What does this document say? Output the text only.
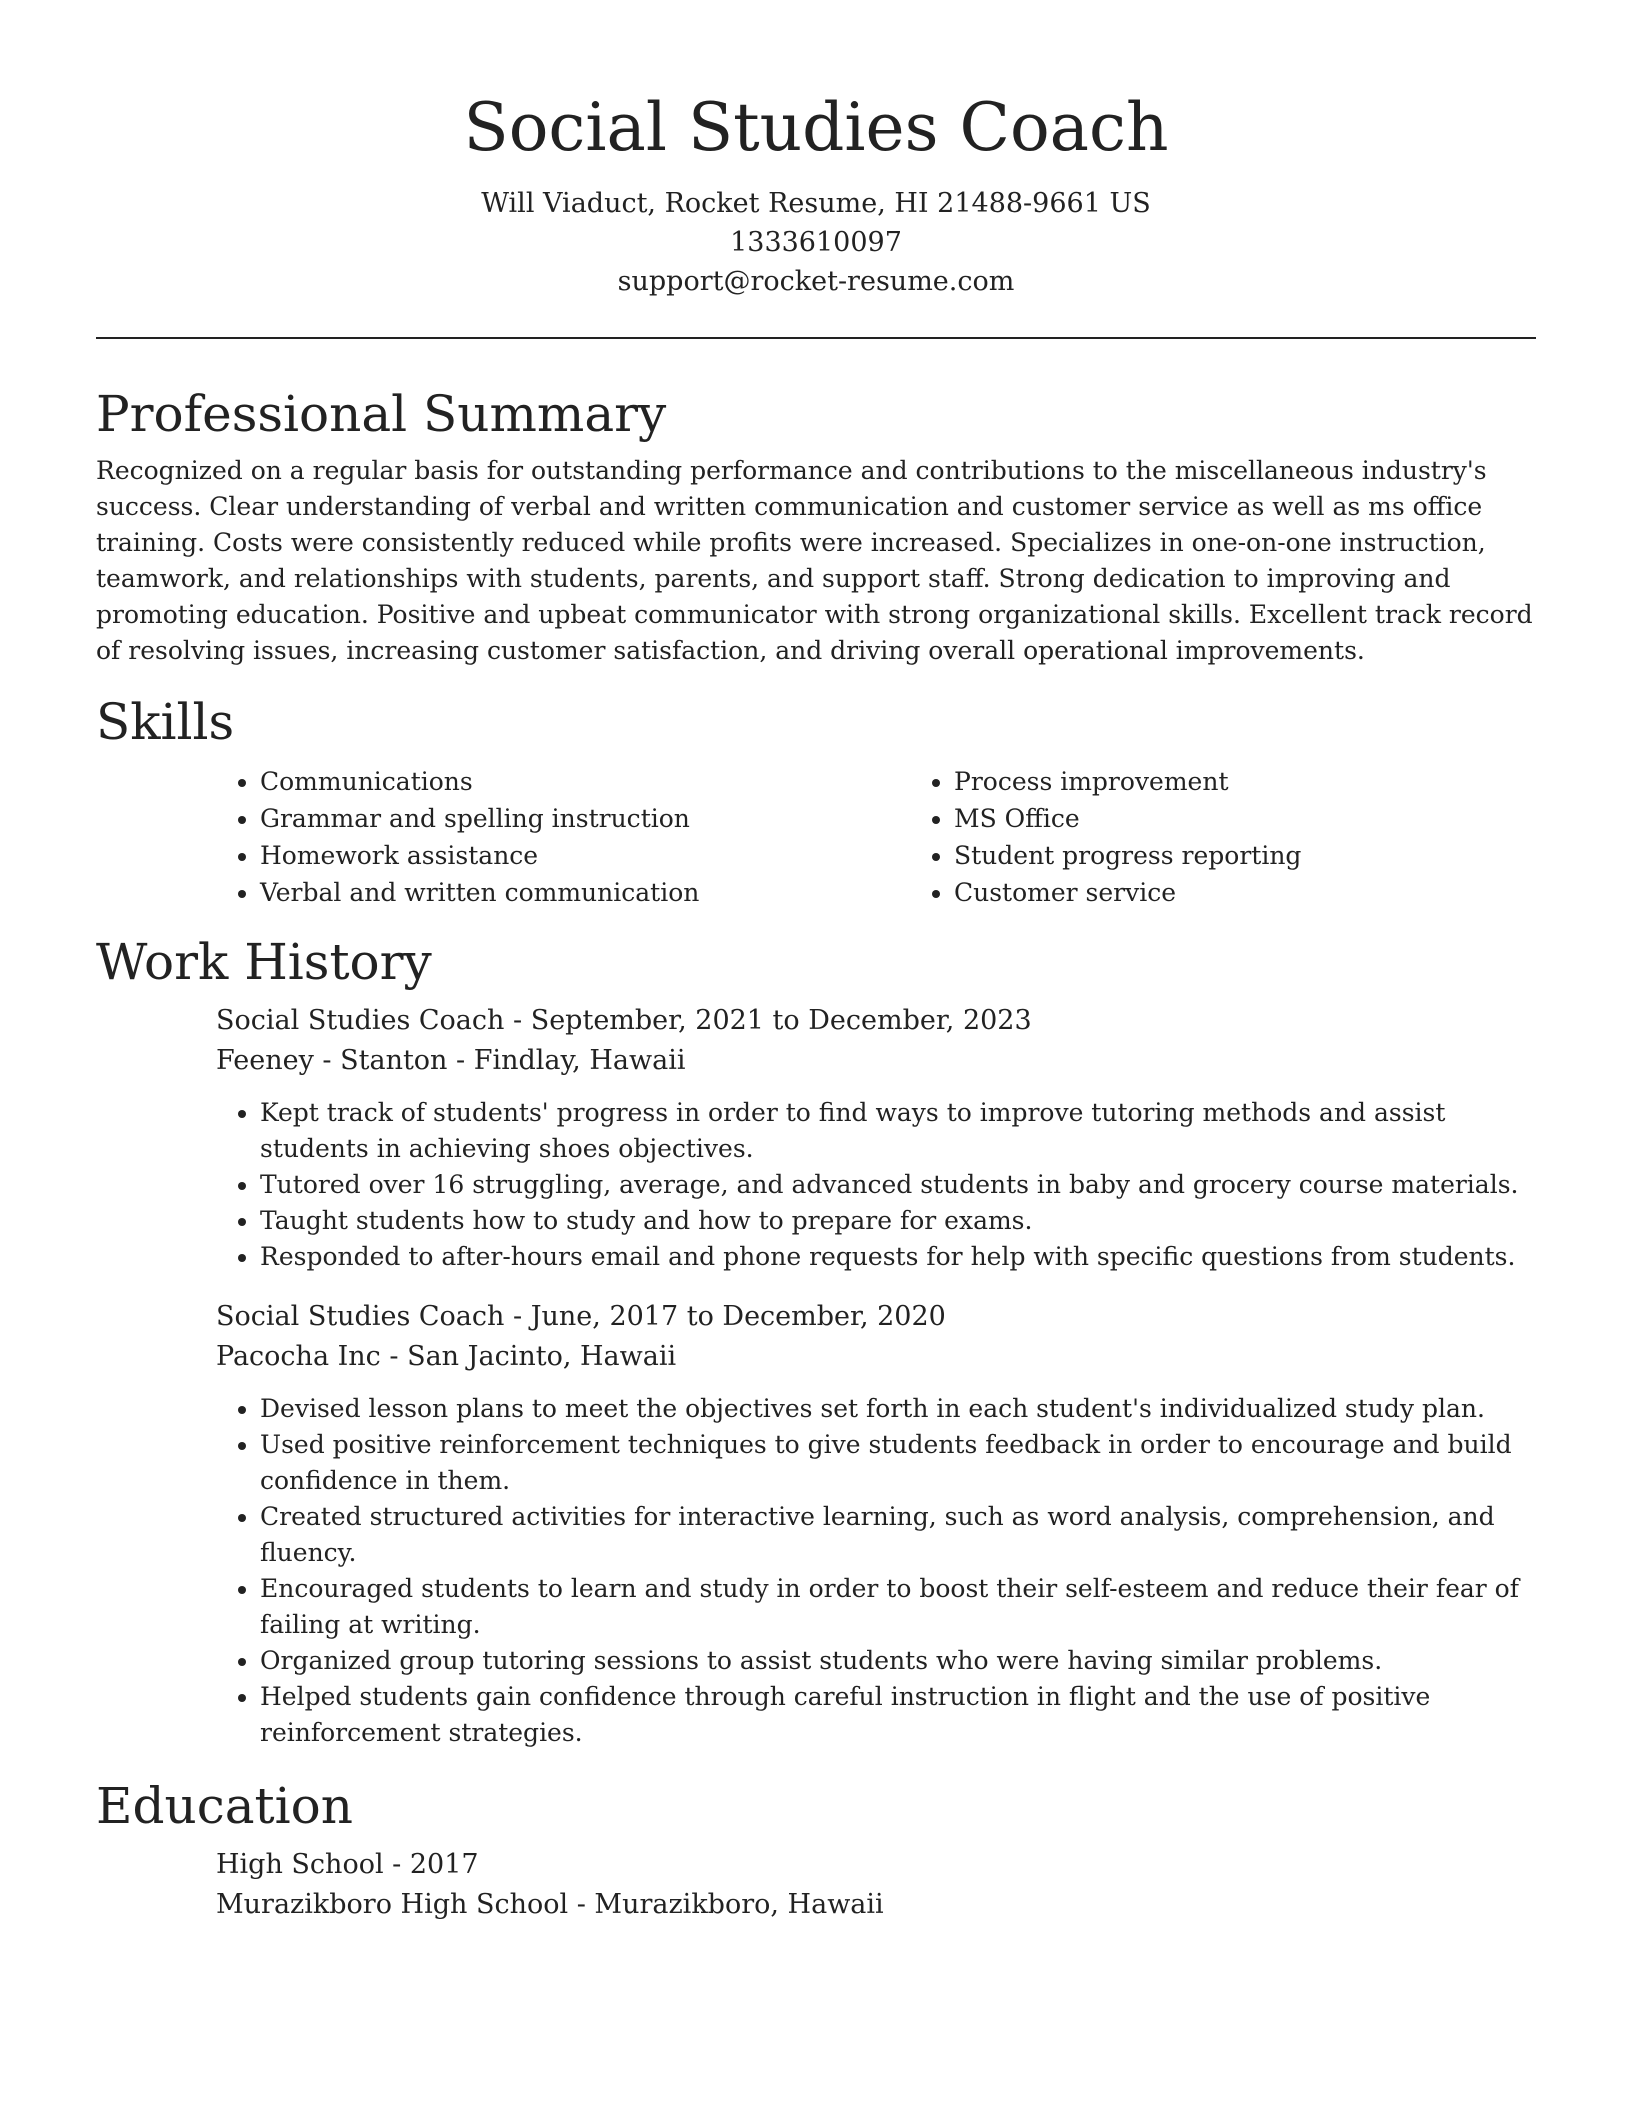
Social Studies Coach

Will Viaduct, Rocket Resume, HI 21488-9661 US

1333610097

support@rocket-resume.com

Professional Summary

Recognized on a regular basis for outstanding performance and contributions to the miscellaneous industry's success. Clear understanding of verbal and written communication and customer service as well as ms office training. Costs were consistently reduced while profits were increased. Specializes in one-on-one instruction, teamwork, and relationships with students, parents, and support staff. Strong dedication to improving and promoting education. Positive and upbeat communicator with strong organizational skills. Excellent track record of resolving issues, increasing customer satisfaction, and driving overall operational improvements.

Skills
• Communications
• Grammar and spelling instruction
• Homework assistance
• Verbal and written communication
• Process improvement
• MS Office
• Student progress reporting
• Customer service
Work History

Social Studies Coach - September, 2021 to December, 2023

Feeney - Stanton - Findlay, Hawaii

• Kept track of students' progress in order to find ways to improve tutoring methods and assist students in achieving shoes objectives.
• Tutored over 16 struggling, average, and advanced students in baby and grocery course materials.
• Taught students how to study and how to prepare for exams.
• Responded to after-hours email and phone requests for help with specific questions from students.

Social Studies Coach - June, 2017 to December, 2020

Pacocha Inc - San Jacinto, Hawaii

• Devised lesson plans to meet the objectives set forth in each student's individualized study plan.
• Used positive reinforcement techniques to give students feedback in order to encourage and build confidence in them.
• Created structured activities for interactive learning, such as word analysis, comprehension, and fluency.
• Encouraged students to learn and study in order to boost their self-esteem and reduce their fear of failing at writing.
• Organized group tutoring sessions to assist students who were having similar problems.
• Helped students gain confidence through careful instruction in flight and the use of positive reinforcement strategies.
Education

High School - 2017

Murazikboro High School - Murazikboro, Hawaii
